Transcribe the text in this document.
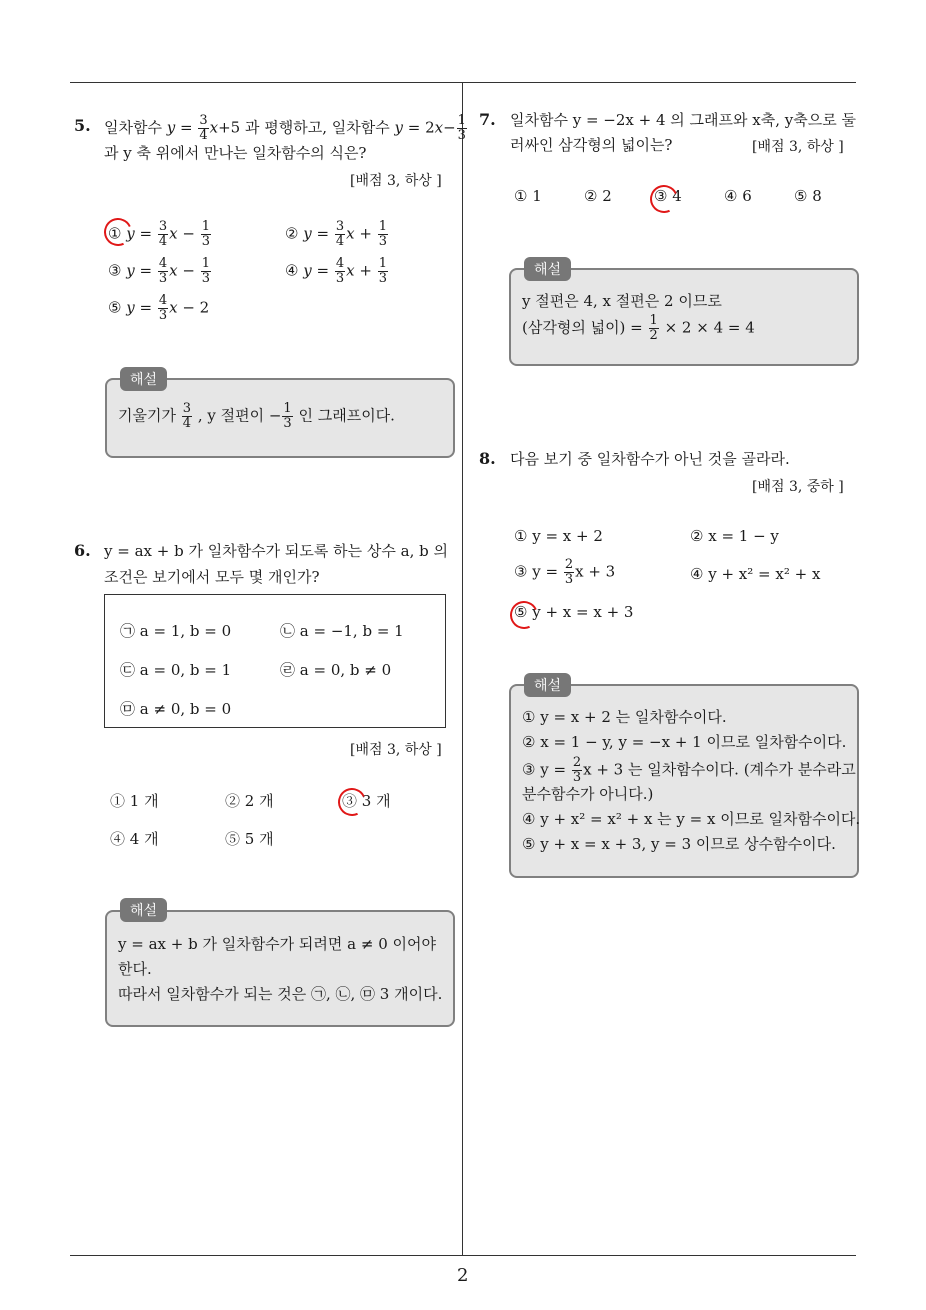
5. 일차함수 $y = \frac{3}{4} x+5$ 과 평행하고, 일차함수 $y = 2x- \frac{1}{3}$
과 y 축 위에서 만나는 일차함수의 식은?
[배점 3, 하상 ]
① $y = \frac{3}{4}$ $x - \frac{1}{3}$	② $y = \frac{3}{4}$ $x + \frac{1}{3}$
③ $y = \frac{4}{3}$ $x - \frac{1}{3}$	④ $y = \frac{4}{3}$ $x + \frac{1}{3}$
⑤ $y = \frac{4}{3}$ x − 2
해설
기울기가 $\frac{3}{4}$ , y 절편이 − $\frac{1}{3}$ 인 그래프이다.
6. y = ax + b 가 일차함수가 되도록 하는 상수 a, b 의
조건은 보기에서 모두 몇 개인가?
㉠ a = 1, b = 0	㉡ a = −1, b = 1
㉢ a = 0, b = 1	㉣ a = 0, b ≠ 0
㉤ a ≠ 0, b = 0
[배점 3, 하상 ]
① 1 개	② 2 개	③ 3 개
④ 4 개	⑤ 5 개
해설
y = ax + b 가 일차함수가 되려면 a ≠ 0 이어야
한다.
따라서 일차함수가 되는 것은 ㉠, ㉡, ㉤ 3 개이다.
7. 일차함수 y = −2x + 4 의 그래프와 x축, y축으로 둘
러싸인 삼각형의 넓이는?	[배점 3, 하상 ]
① 1	② 2	③ 4	④ 6	⑤ 8
해설
y 절편은 4, x 절편은 2 이므로
(삼각형의 넓이) = $\frac{1}{2} \times 2 \times 4 = 4$
8. 다음 보기 중 일차함수가 아닌 것을 골라라.
[배점 3, 중하 ]
① y = x + 2	② x = 1 − y
③ $y = \frac{2}{3}$ x + 3	④ y + x² = x² + x
⑤ y + x = x + 3
해설
① y = x + 2 는 일차함수이다.
② x = 1 − y, y = −x + 1 이므로 일차함수이다.
③ $y = \frac{2}{3}$ x + 3 는 일차함수이다. (계수가 분수라고
분수함수가 아니다.)
④ y + x² = x² + x 는 y = x 이므로 일차함수이다.
⑤ y + x = x + 3, y = 3 이므로 상수함수이다.
2
